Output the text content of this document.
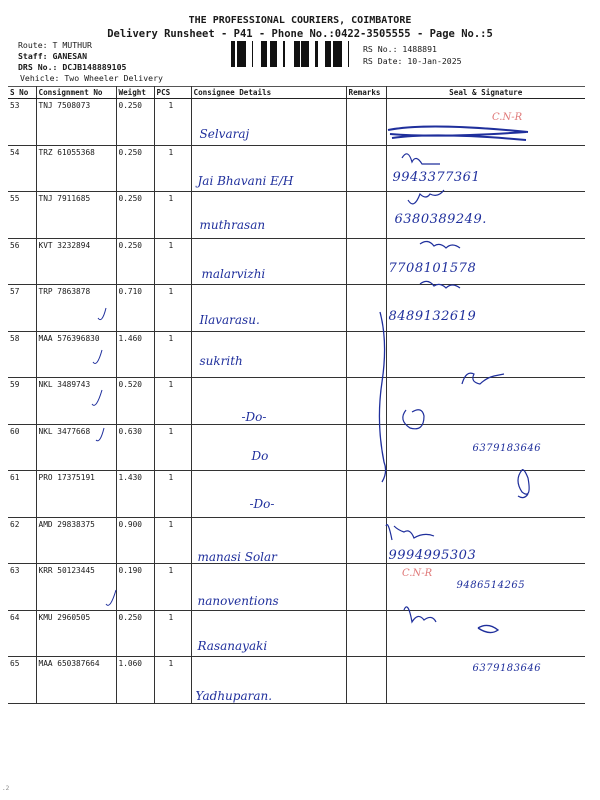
THE PROFESSIONAL COURIERS, COIMBATORE
Delivery Runsheet - P41 - Phone No.:0422-3505555 - Page No.:5
Route: T MUTHUR
Staff: GANESAN
DRS No.: DCJB148889105
Vehicle: Two Wheeler Delivery
RS No.: 1488891
RS Date: 10-Jan-2025
S No	Consignment No	Weight	PCS	Consignee Details	Remarks	Seal & Signature
53	TNJ 7508073	0.250	1	Selvaraj		

54	TRZ 61055368	0.250	1	Jai Bhavani E/H		9943377361

55	TNJ 7911685	0.250	1	muthrasan		6380389249.

56	KVT 3232894	0.250	1	malarvizhi		7708101578

57	TRP 7863878	0.710	1	Ilavarasu.		8489132619

58	MAA 576396830	1.460	1	sukrith		

59	NKL 3489743	0.520	1	-Do-		

60	NKL 3477668	0.630	1	Do		6379183646

61	PRO 17375191	1.430	1	-Do-		

62	AMD 29838375	0.900	1	manasi Solar		9994995303

63	KRR 50123445	0.190	1	nanoventions		9486514265

64	KMU 2960505	0.250	1	Rasanayaki		

65	MAA 650387664	1.060	1	Yadhuparan.		6379183646
C.N-R
C.N-R
.2
